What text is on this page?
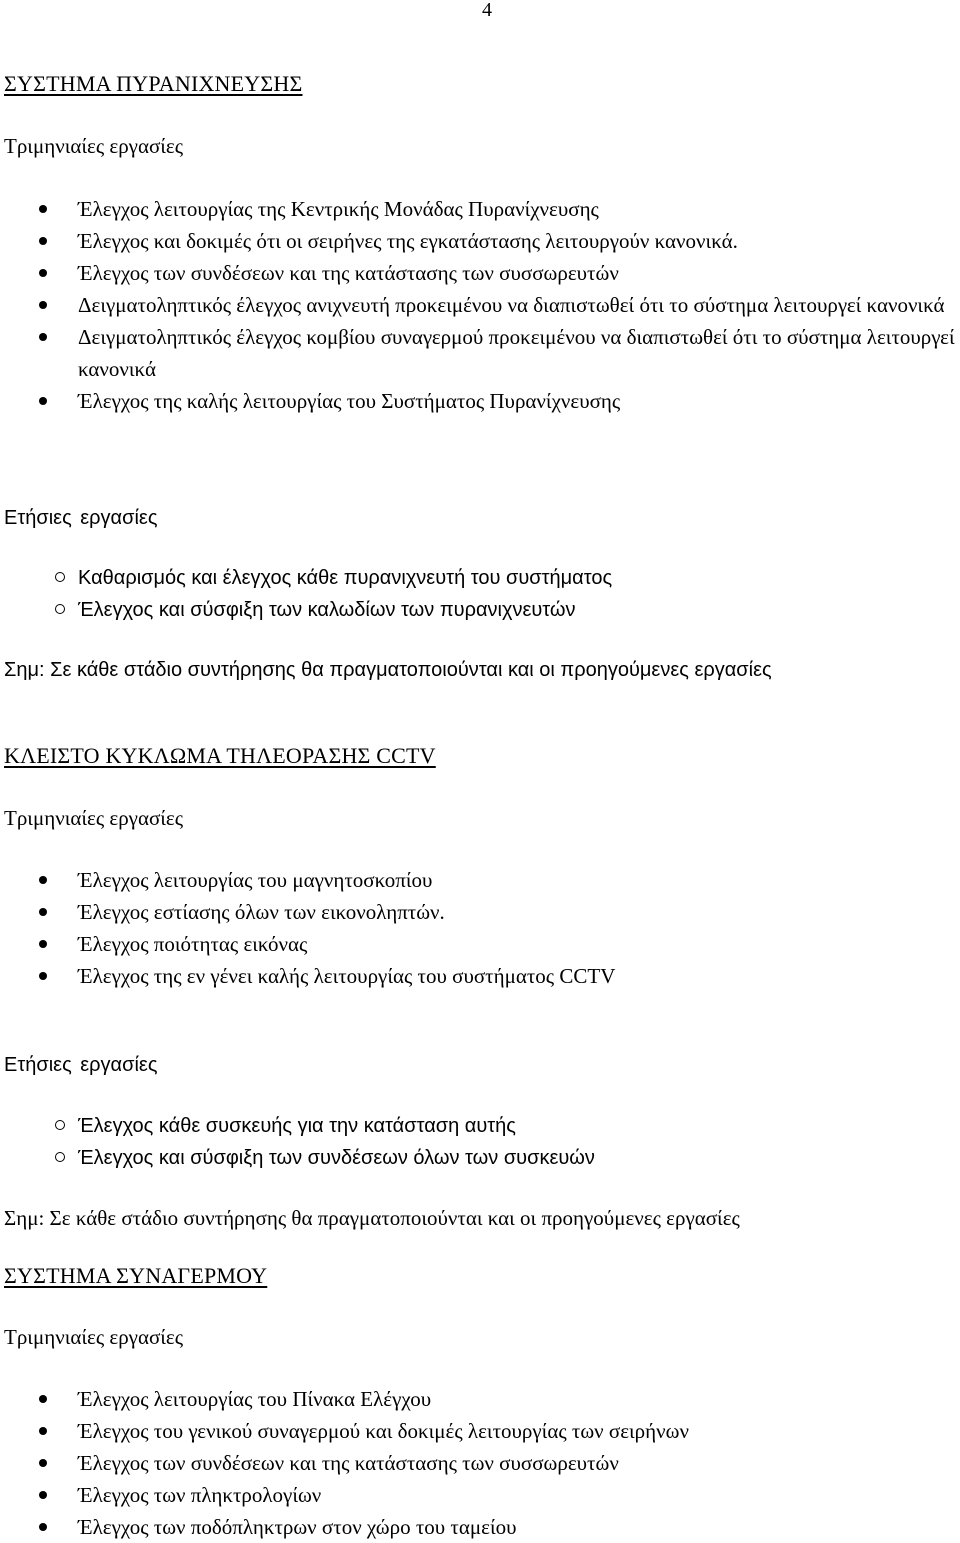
4
ΣΥΣΤΗΜΑ ΠΥΡΑΝΙΧΝΕΥΣΗΣ
Τριμηνιαίες εργασίες
Έλεγχος λειτουργίας της Κεντρικής Μονάδας Πυρανίχνευσης
Έλεγχος και δοκιμές ότι οι σειρήνες της εγκατάστασης λειτουργούν κανονικά.
Έλεγχος των συνδέσεων και της κατάστασης των συσσωρευτών
Δειγματοληπτικός έλεγχος ανιχνευτή προκειμένου να διαπιστωθεί ότι το σύστημα λειτουργεί κανονικά
Δειγματοληπτικός έλεγχος κομβίου συναγερμού προκειμένου να διαπιστωθεί ότι το σύστημα λειτουργεί κανονικά
Έλεγχος της καλής λειτουργίας του Συστήματος Πυρανίχνευσης
Ετήσιες εργασίες
Καθαρισμός και έλεγχος κάθε πυρανιχνευτή του συστήματος
Έλεγχος και σύσφιξη των καλωδίων των πυρανιχνευτών

Σημ: Σε κάθε στάδιο συντήρησης θα πραγματοποιούνται και οι προηγούμενες εργασίες

ΚΛΕΙΣΤΟ ΚΥΚΛΩΜΑ ΤΗΛΕΟΡΑΣΗΣ CCTV
Τριμηνιαίες εργασίες
Έλεγχος λειτουργίας του μαγνητοσκοπίου
Έλεγχος εστίασης όλων των εικονοληπτών.
Έλεγχος ποιότητας εικόνας
Έλεγχος της εν γένει καλής λειτουργίας του συστήματος CCTV
Ετήσιες εργασίες
Έλεγχος κάθε συσκευής για την κατάσταση αυτής
Έλεγχος και σύσφιξη των συνδέσεων όλων των συσκευών

Σημ: Σε κάθε στάδιο συντήρησης θα πραγματοποιούνται και οι προηγούμενες εργασίες

ΣΥΣΤΗΜΑ ΣΥΝΑΓΕΡΜΟΥ
Τριμηνιαίες εργασίες
Έλεγχος λειτουργίας του Πίνακα Ελέγχου
Έλεγχος του γενικού συναγερμού και δοκιμές λειτουργίας των σειρήνων
Έλεγχος των συνδέσεων και της κατάστασης των συσσωρευτών
Έλεγχος των πληκτρολογίων
Έλεγχος των ποδόπληκτρων στον χώρο του ταμείου
